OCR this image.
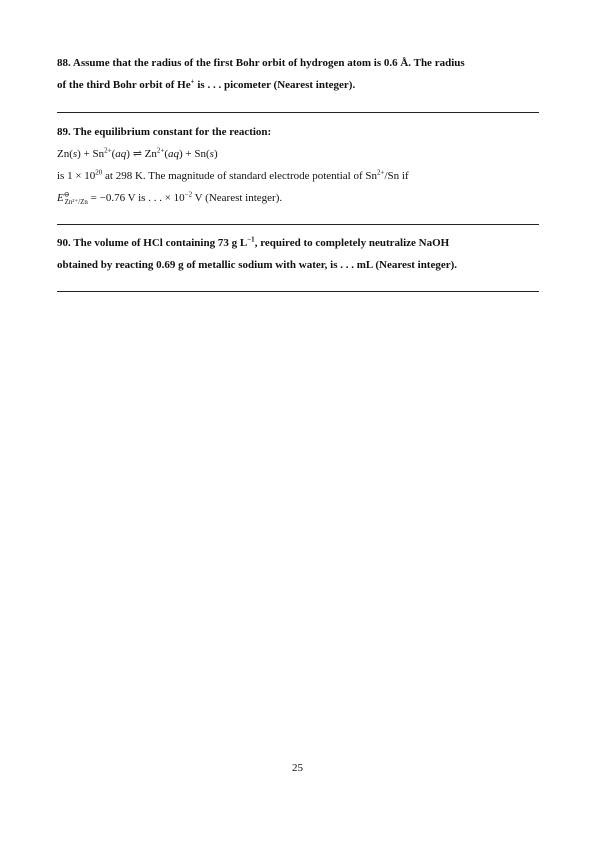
88. Assume that the radius of the first Bohr orbit of hydrogen atom is 0.6 Å. The radius
of the third Bohr orbit of He+ is . . . picometer (Nearest integer).
89. The equilibrium constant for the reaction:
$Zn(s) + Sn^{2+}(aq)$ ⇌ $Zn^{2+}(aq) + Sn(s)$
is $1 \times 10^{20}$ at 298 K. The magnitude of standard electrode potential of $Sn^{2+}/Sn$ if
$E^⊖_{Zn^{2+}/Zn} = -0.76$ V is . . . × $10^{-2}$ V (Nearest integer).
90. The volume of HCl containing 73 g $L^{-1}$, required to completely neutralize NaOH
obtained by reacting 0.69 g of metallic sodium with water, is . . . mL (Nearest integer).
25
